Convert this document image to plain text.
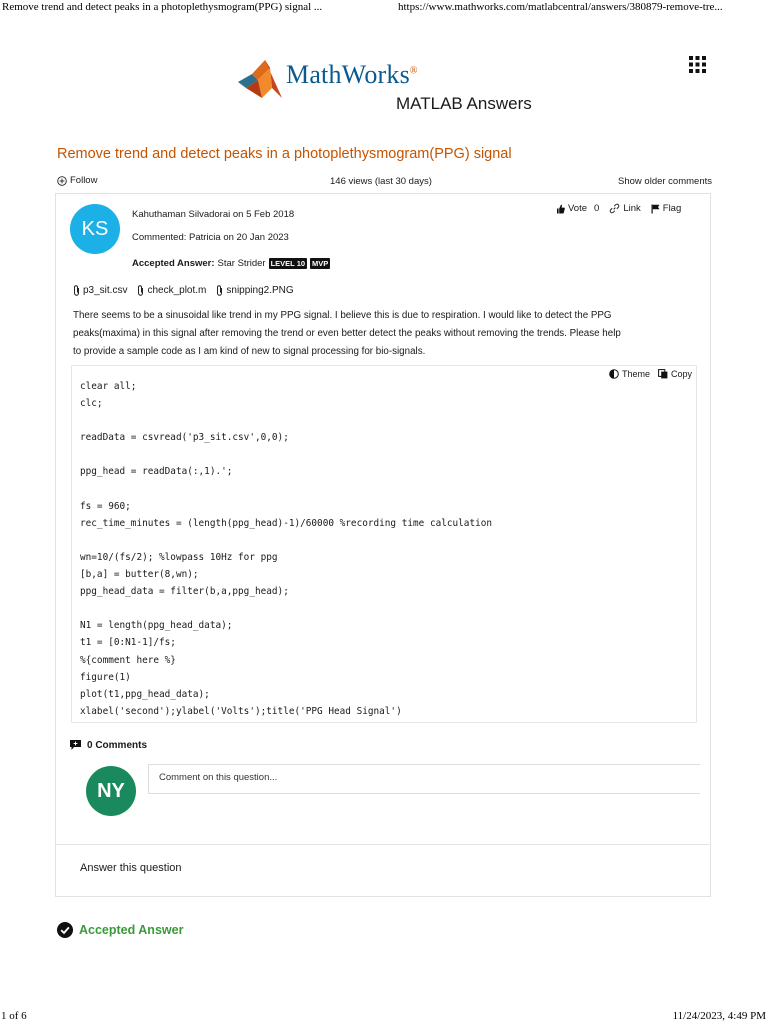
Remove trend and detect peaks in a photoplethysmogram(PPG) signal ...	https://www.mathworks.com/matlabcentral/answers/380879-remove-tre...
MathWorks®
MATLAB Answers
Remove trend and detect peaks in a photoplethysmogram(PPG) signal
Follow	146 views (last 30 days)	Show older comments
KS
Kahuthaman Silvadorai on 5 Feb 2018
Commented: Patricia on 20 Jan 2023
Accepted Answer: Star Strider LEVEL 10 MVP
Vote 0	Link Flag
p3_sit.csv check_plot.m snipping2.PNG
There seems to be a sinusoidal like trend in my PPG signal. I believe this is due to respiration. I would like to detect the PPG
peaks(maxima) in this signal after removing the trend or even better detect the peaks without removing the trends. Please help
to provide a sample code as I am kind of new to signal processing for bio-signals.
Theme Copy
clear all;
clc;
readData = csvread('p3_sit.csv',0,0);
ppg_head = readData(:,1).';
fs = 960;
rec_time_minutes = (length(ppg_head)-1)/60000 %recording time calculation
wn=10/(fs/2); %lowpass 10Hz for ppg
[b,a] = butter(8,wn);
ppg_head_data = filter(b,a,ppg_head);
N1 = length(ppg_head_data);
t1 = [0:N1-1]/fs;
%{comment here %}
figure(1)
plot(t1,ppg_head_data);
xlabel('second');ylabel('Volts');title('PPG Head Signal')
0 Comments
NY
Comment on this question...
Answer this question
Accepted Answer
1 of 6	11/24/2023, 4:49 PM
